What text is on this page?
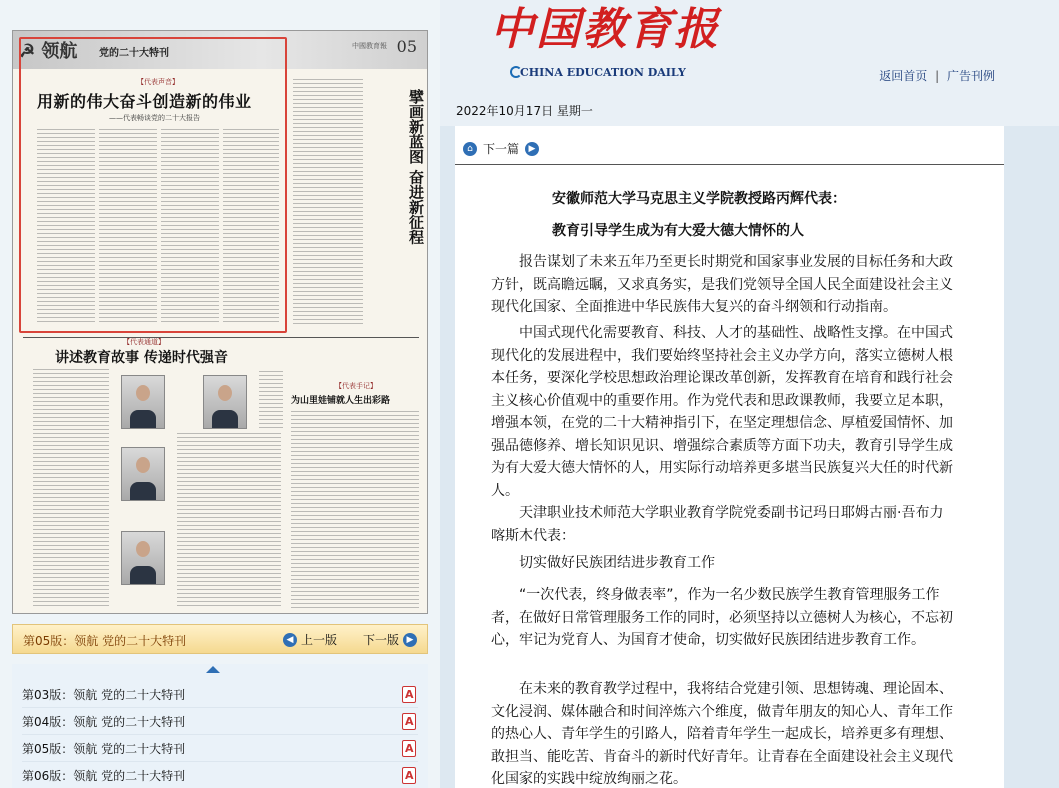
☭ 领航 党的二十大特刊
中國教育報 05
【代表声音】
用新的伟大奋斗创造新的伟业
——代表畅谈党的二十大报告	擘画新蓝图 奋进新征程
【代表通道】
讲述教育故事 传递时代强音
【代表手记】
为山里娃铺就人生出彩路
第05版：领航 党的二十大特刊	◀ 上一版 下一版 ▶
第03版：领航 党的二十大特刊
A
第04版：领航 党的二十大特刊
A
第05版：领航 党的二十大特刊
A
第06版：领航 党的二十大特刊
A
中国教育报
CHINA EDUCATION DAILY	返回首页 | 广告刊例
2022年10月17日 星期一
⌂ 下一篇	▶
安徽师范大学马克思主义学院教授路丙辉代表：
教育引导学生成为有大爱大德大情怀的人
报告谋划了未来五年乃至更长时期党和国家事业发展的目标任务和大政方针，既高瞻远瞩，又求真务实，是我们党领导全国人民全面建设社会主义现代化国家、全面推进中华民族伟大复兴的奋斗纲领和行动指南。
中国式现代化需要教育、科技、人才的基础性、战略性支撑。在中国式现代化的发展进程中，我们要始终坚持社会主义办学方向，落实立德树人根本任务，要深化学校思想政治理论课改革创新，发挥教育在培育和践行社会主义核心价值观中的重要作用。作为党代表和思政课教师，我要立足本职，增强本领，在党的二十大精神指引下，在坚定理想信念、厚植爱国情怀、加强品德修养、增长知识见识、增强综合素质等方面下功夫，教育引导学生成为有大爱大德大情怀的人，用实际行动培养更多堪当民族复兴大任的时代新人。
天津职业技术师范大学职业教育学院党委副书记玛日耶姆古丽·吾布力喀斯木代表：
切实做好民族团结进步教育工作
“一次代表，终身做表率”，作为一名少数民族学生教育管理服务工作者，在做好日常管理服务工作的同时，必须坚持以立德树人为核心，不忘初心，牢记为党育人、为国育才使命，切实做好民族团结进步教育工作。
在未来的教育教学过程中，我将结合党建引领、思想铸魂、理论固本、文化浸润、媒体融合和时间淬炼六个维度，做青年朋友的知心人、青年工作的热心人、青年学生的引路人，陪着青年学生一起成长，培养更多有理想、敢担当、能吃苦、肯奋斗的新时代好青年。让青春在全面建设社会主义现代化国家的实践中绽放绚丽之花。
